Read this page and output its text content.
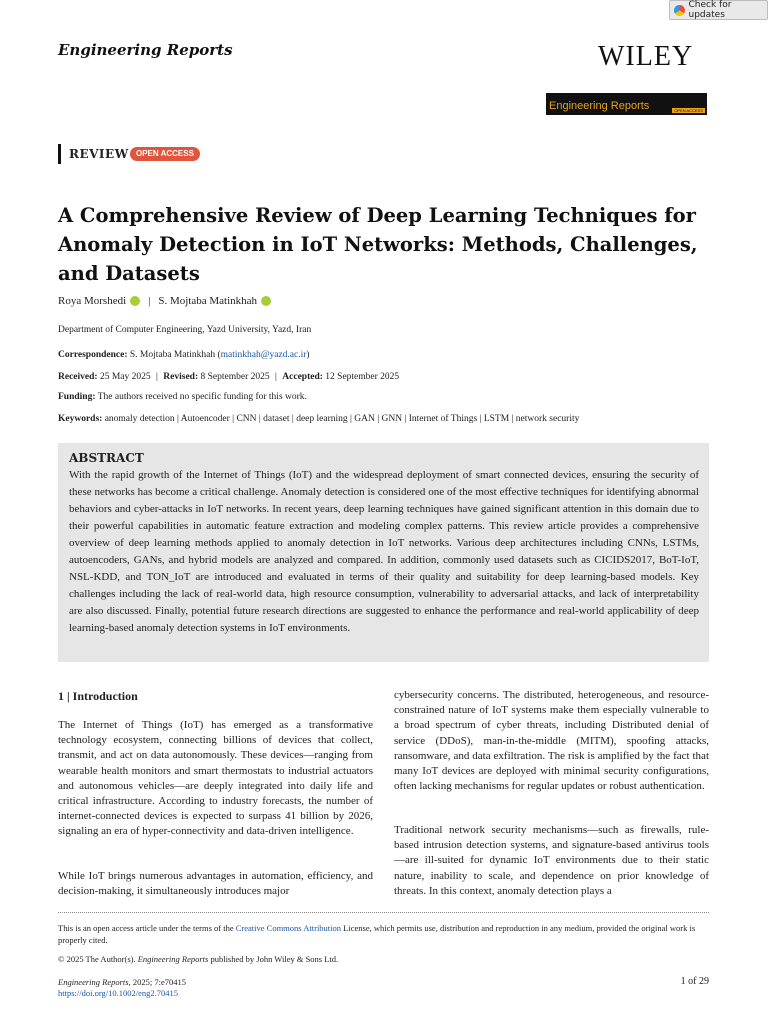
Check for updates
Engineering Reports	WILEY
Engineering Reports	OPEN ACCESS
REVIEW OPEN ACCESS
A Comprehensive Review of Deep Learning Techniques for Anomaly Detection in IoT Networks: Methods, Challenges, and Datasets
Roya Morshedi | S. Mojtaba Matinkhah
Department of Computer Engineering, Yazd University, Yazd, Iran
Correspondence: S. Mojtaba Matinkhah (matinkhah@yazd.ac.ir)
Received: 25 May 2025 | Revised: 8 September 2025 | Accepted: 12 September 2025
Funding: The authors received no specific funding for this work.
Keywords: anomaly detection | Autoencoder | CNN | dataset | deep learning | GAN | GNN | Internet of Things | LSTM | network security
ABSTRACT
With the rapid growth of the Internet of Things (IoT) and the widespread deployment of smart connected devices, ensuring the security of these networks has become a critical challenge. Anomaly detection is considered one of the most effective techniques for identifying abnormal behaviors and cyber-attacks in IoT networks. In recent years, deep learning techniques have gained significant attention in this domain due to their powerful capabilities in automatic feature extraction and modeling complex patterns. This review article provides a comprehensive overview of deep learning methods applied to anomaly detection in IoT networks. Various deep architectures including CNNs, LSTMs, autoencoders, GANs, and hybrid models are analyzed and compared. In addition, commonly used datasets such as CICIDS2017, BoT-IoT, NSL-KDD, and TON_IoT are introduced and evaluated in terms of their quality and suitability for deep learning-based models. Key challenges including the lack of real-world data, high resource consumption, vulnerability to adversarial attacks, and lack of interpretability are also discussed. Finally, potential future research directions are suggested to enhance the performance and real-world applicability of deep learning-based anomaly detection systems in IoT environments.
1 | Introduction
The Internet of Things (IoT) has emerged as a transformative technology ecosystem, connecting billions of devices that collect, transmit, and act on data autonomously. These devices—ranging from wearable health monitors and smart thermostats to industrial actuators and autonomous vehicles—are deeply integrated into daily life and critical infrastructure. According to industry forecasts, the number of internet-connected devices is expected to surpass 41 billion by 2026, signaling an era of hyper-connectivity and data-driven intelligence.
While IoT brings numerous advantages in automation, efficiency, and decision-making, it simultaneously introduces major
cybersecurity concerns. The distributed, heterogeneous, and resource-constrained nature of IoT systems make them especially vulnerable to a broad spectrum of cyber threats, including Distributed denial of service (DDoS), man-in-the-middle (MITM), spoofing attacks, ransomware, and data exfiltration. The risk is amplified by the fact that many IoT devices are deployed with minimal security configurations, often lacking mechanisms for regular updates or robust authentication.
Traditional network security mechanisms—such as firewalls, rule-based intrusion detection systems, and signature-based antivirus tools—are ill-suited for dynamic IoT environments due to their static nature, inability to scale, and dependence on prior knowledge of threats. In this context, anomaly detection plays a
This is an open access article under the terms of the Creative Commons Attribution License, which permits use, distribution and reproduction in any medium, provided the original work is properly cited.
© 2025 The Author(s). Engineering Reports published by John Wiley & Sons Ltd.
Engineering Reports, 2025; 7:e70415
https://doi.org/10.1002/eng2.70415
1 of 29
